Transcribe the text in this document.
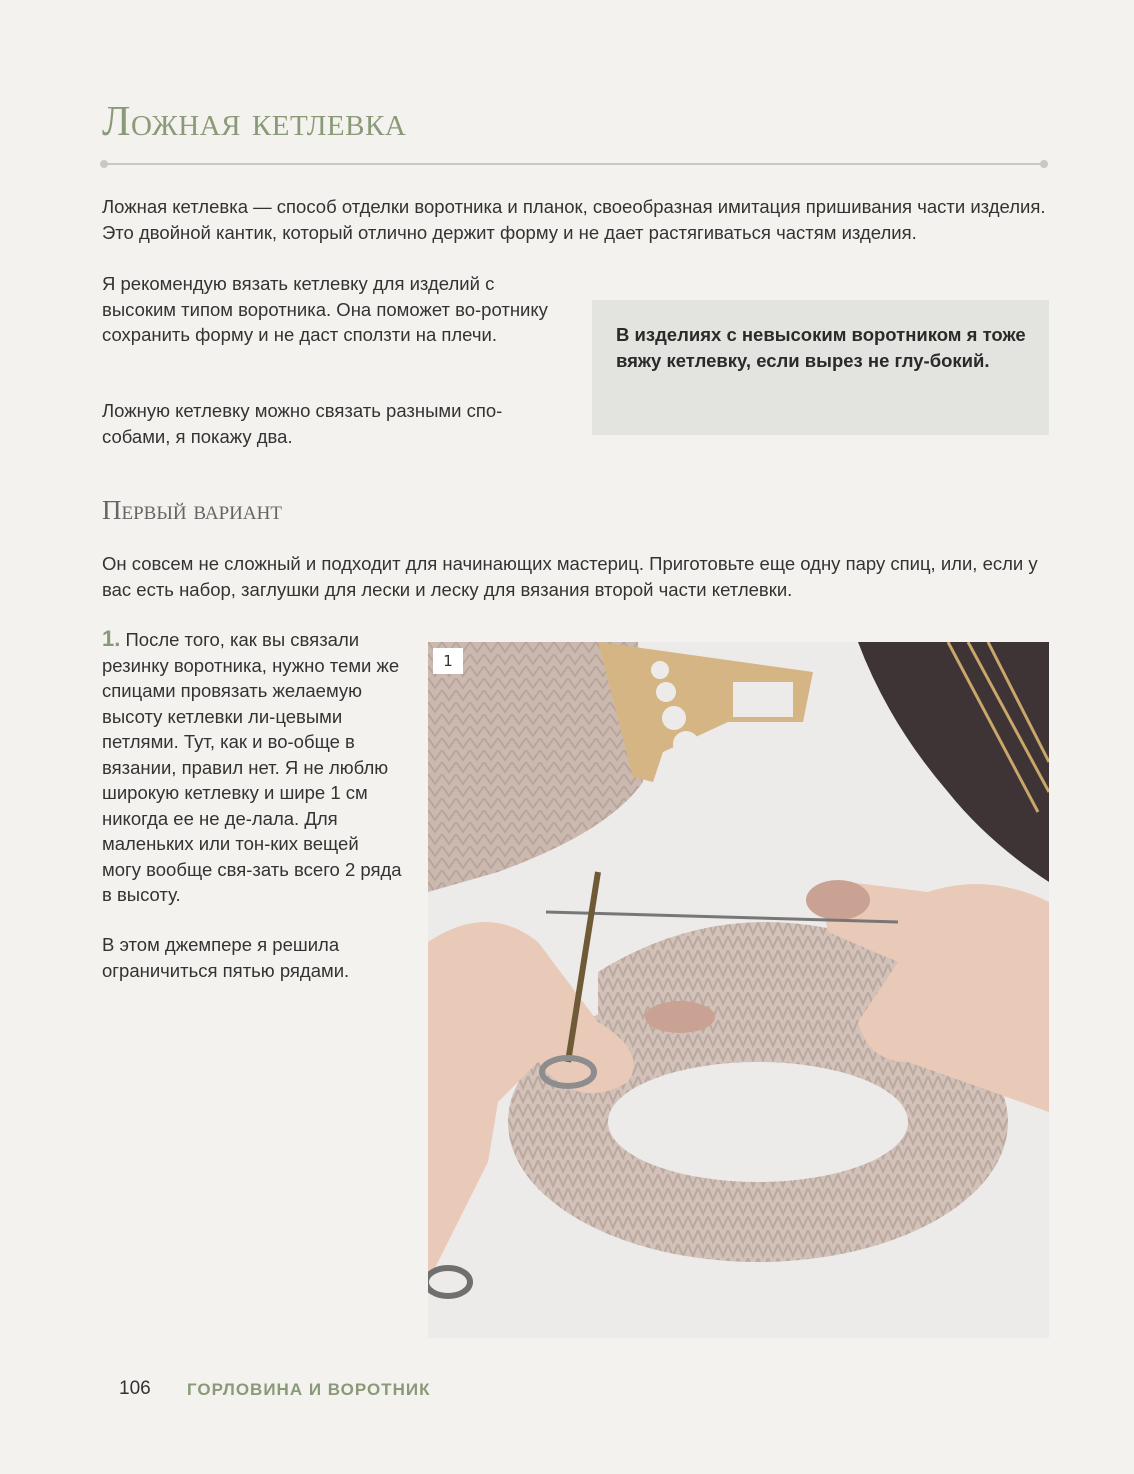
Ложная кетлевка

Ложная кетлевка — способ отделки воротника и планок, своеобразная имитация пришивания части изделия. Это двойной кантик, который отлично держит форму и не дает растягиваться частям изделия.

Я рекомендую вязать кетлевку для изделий с высоким типом воротника. Она поможет во-ротнику сохранить форму и не даст сползти на плечи.

Ложную кетлевку можно связать разными спо-собами, я покажу два.

В изделиях с невысоким воротником я тоже вяжу кетлевку, если вырез не глу-бокий.

Первый вариант

Он совсем не сложный и подходит для начинающих мастериц. Приготовьте еще одну пару спиц, или, если у вас есть набор, заглушки для лески и леску для вязания второй части кетлевки.

1. После того, как вы связали резинку воротника, нужно теми же спицами провязать желаемую высоту кетлевки ли-цевыми петлями. Тут, как и во-обще в вязании, правил нет. Я не люблю широкую кетлевку и шире 1 см никогда ее не де-лала. Для маленьких или тон-ких вещей могу вообще свя-зать всего 2 ряда в высоту.

В этом джемпере я решила ограничиться пятью рядами.

1

106 ГОРЛОВИНА И ВОРОТНИК
